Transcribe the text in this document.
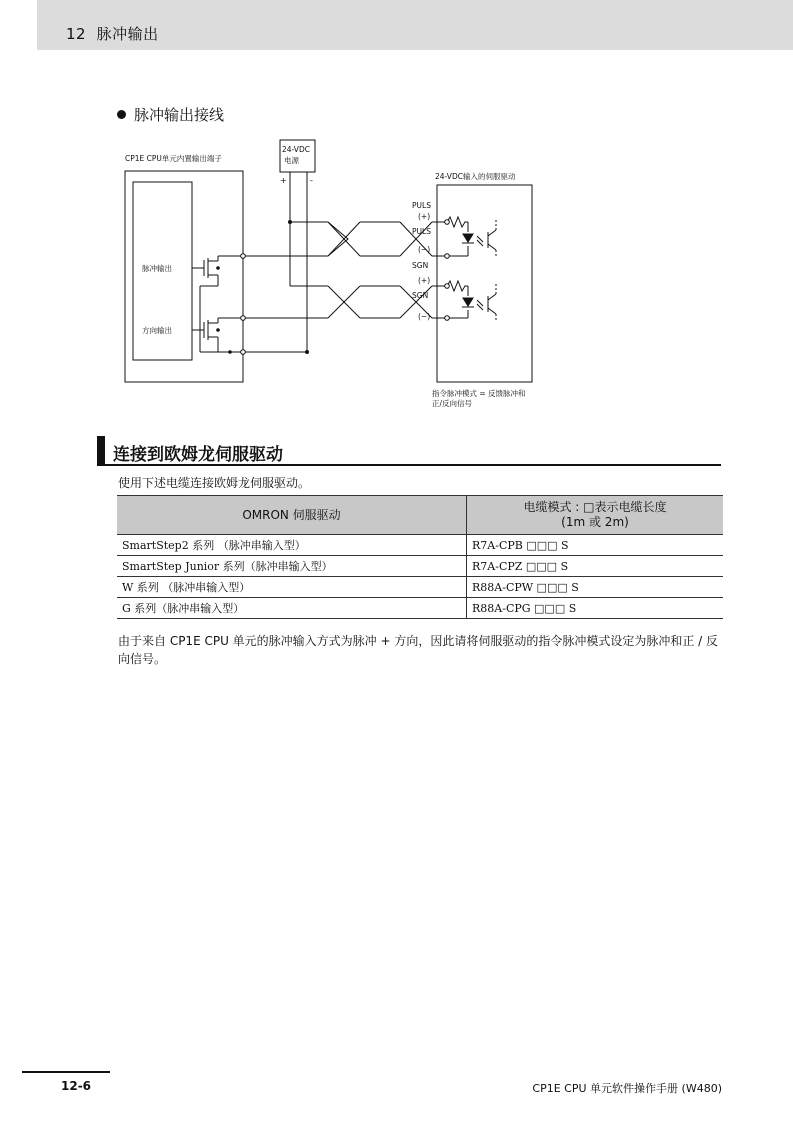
12 脉冲输出
脉冲输出接线
CP1E CPU单元内置输出端子
24-VDC
电源
+	-	24-VDC输入的伺服驱动
脉冲输出
方向输出
PULS
(+)
PULS
(−)
SGN
(+)
SGN
(−)
指令脉冲模式 = 反馈脉冲和
正/反向信号
连接到欧姆龙伺服驱动
使用下述电缆连接欧姆龙伺服驱动。
OMRON 伺服驱动	电缆模式 : □表示电缆长度
(1m 或 2m)

SmartStep2 系列 （脉冲串输入型）	R7A-CPB □□□ S
SmartStep Junior 系列（脉冲串输入型）	R7A-CPZ □□□ S
W 系列 （脉冲串输入型）	R88A-CPW □□□ S
G 系列（脉冲串输入型）	R88A-CPG □□□ S
由于来自 CP1E CPU 单元的脉冲输入方式为脉冲 + 方向，因此请将伺服驱动的指令脉冲模式设定为脉冲和正 / 反向信号。
12-6	CP1E CPU 单元软件操作手册 (W480)
